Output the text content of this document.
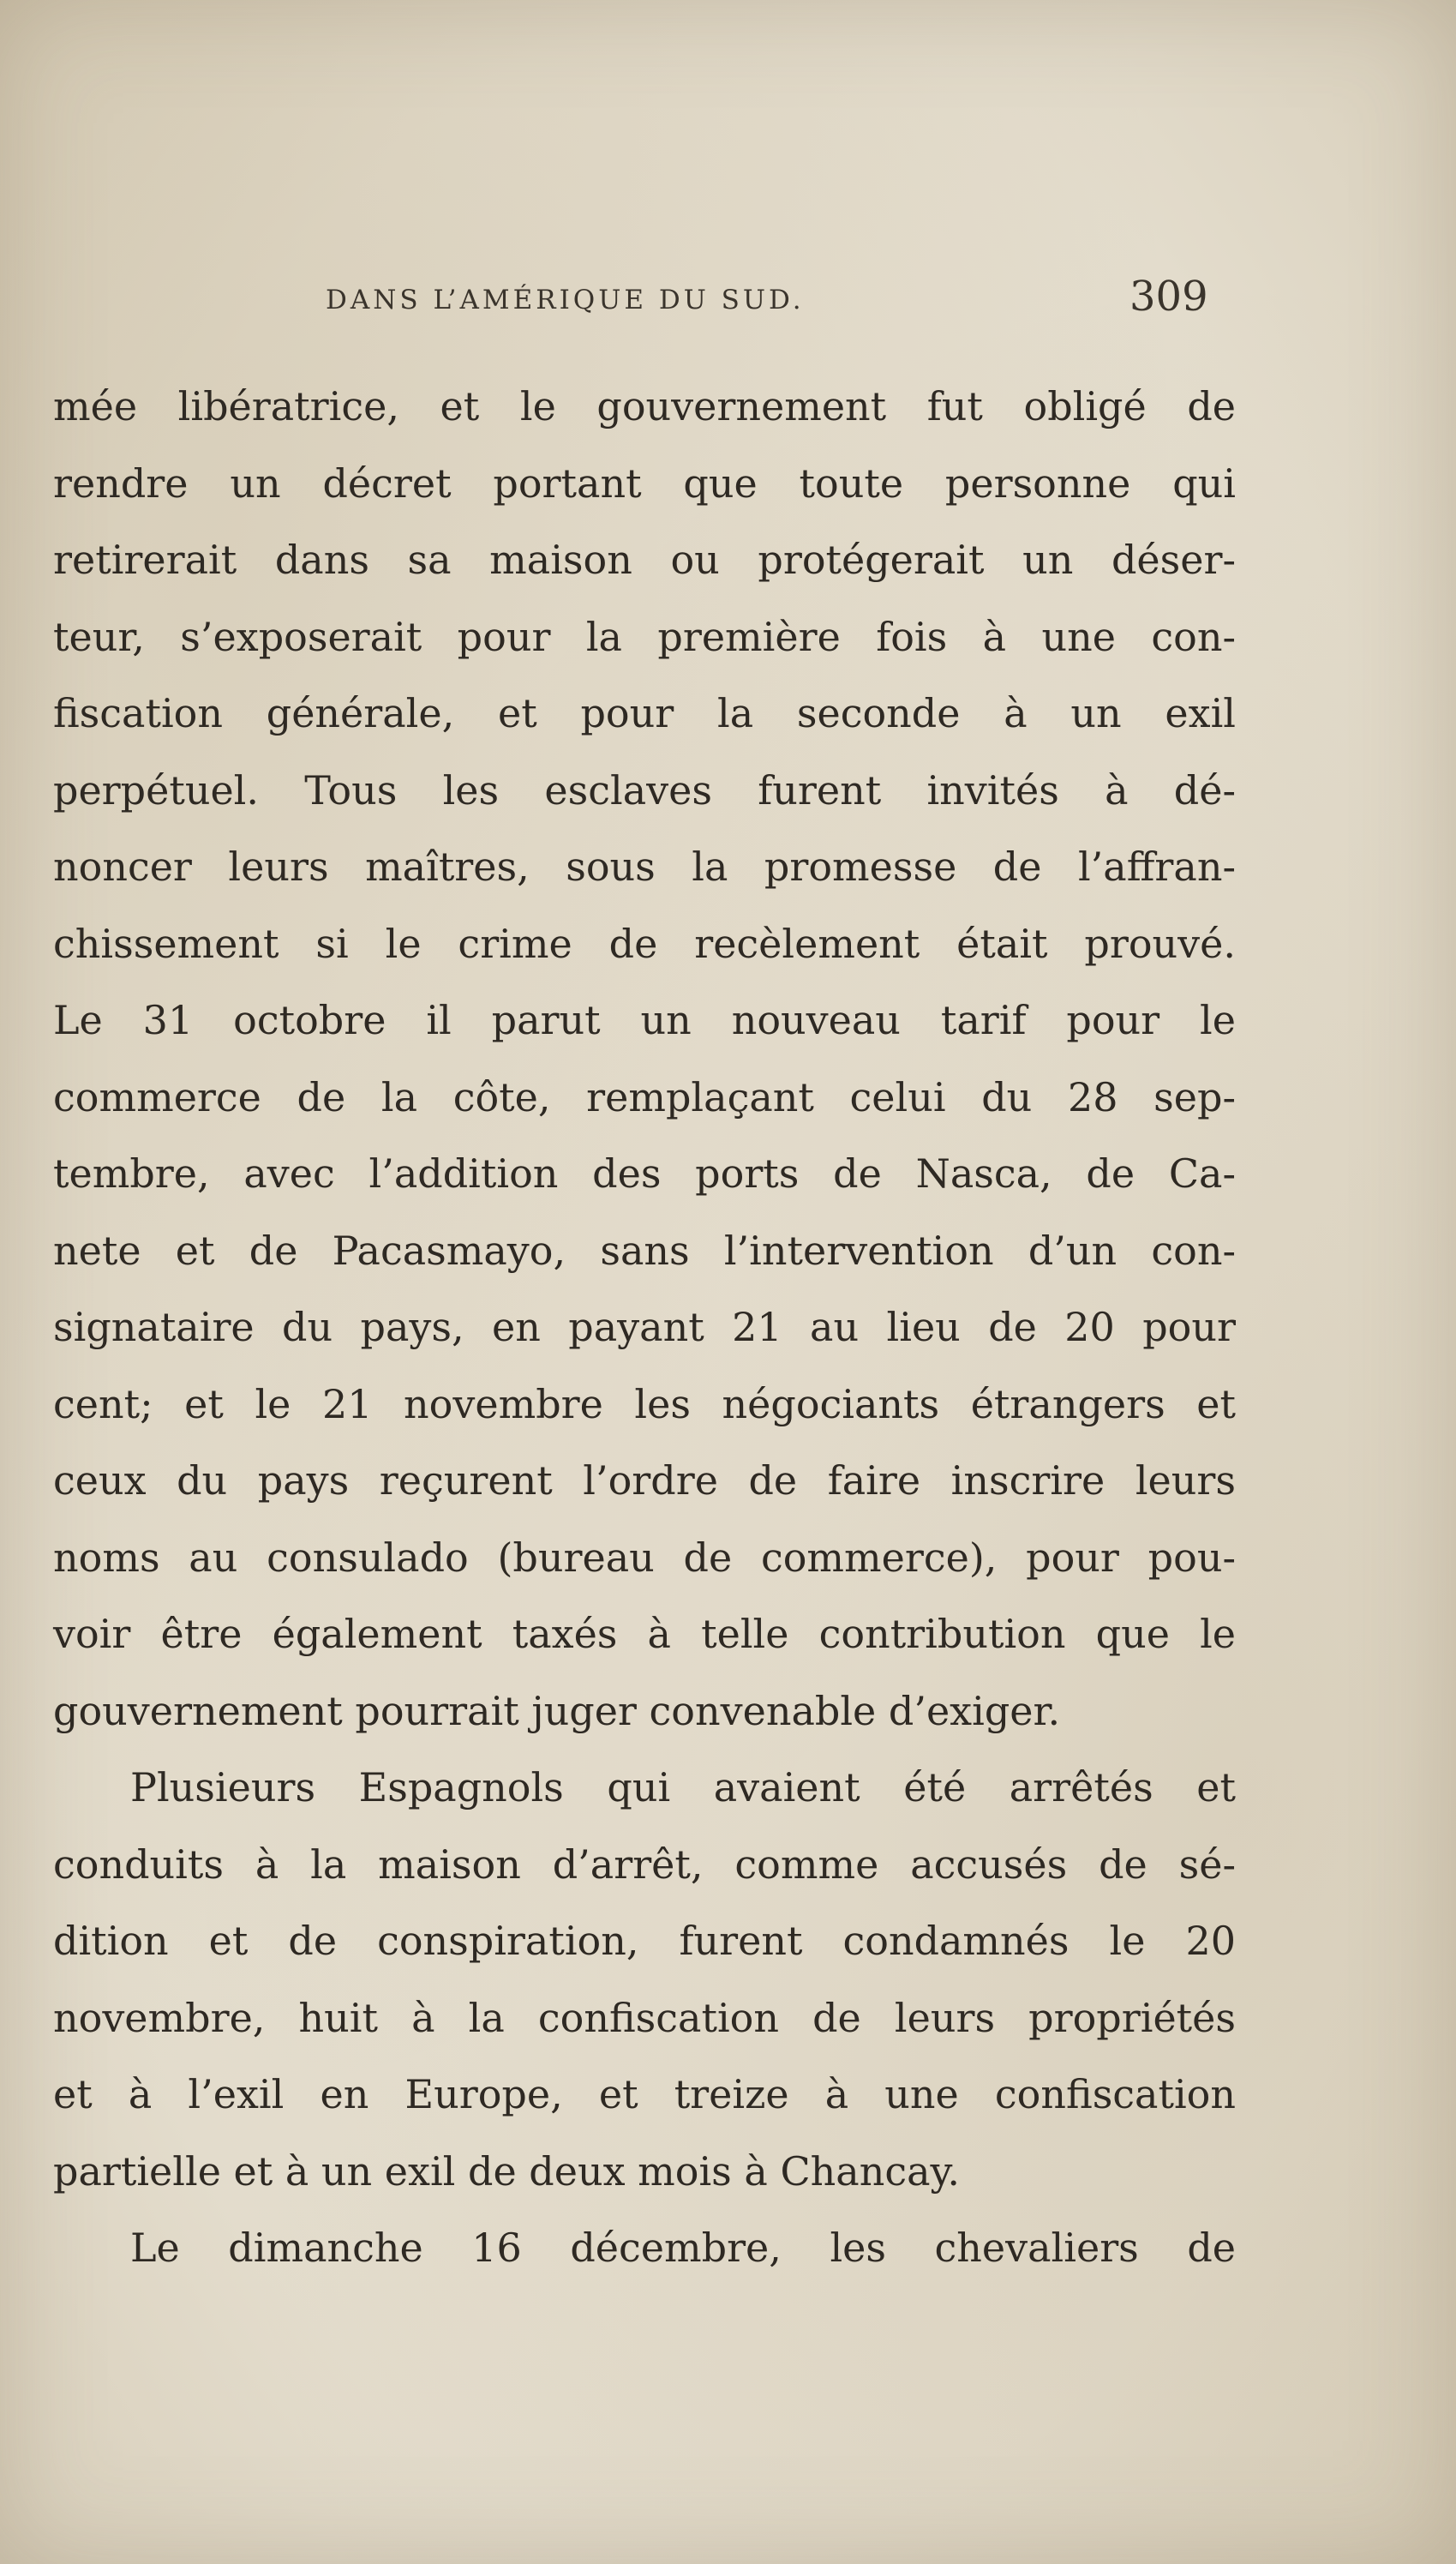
DANS L’AMÉRIQUE DU SUD.	309
mée libératrice, et le gouvernement fut obligé de
rendre un décret portant que toute personne qui
retirerait dans sa maison ou protégerait un déser-
teur, s’exposerait pour la première fois à une con-
fiscation générale, et pour la seconde à un exil
perpétuel. Tous les esclaves furent invités à dé-
noncer leurs maîtres, sous la promesse de l’affran-
chissement si le crime de recèlement était prouvé.
Le 31 octobre il parut un nouveau tarif pour le
commerce de la côte, remplaçant celui du 28 sep-
tembre, avec l’addition des ports de Nasca, de Ca-
nete et de Pacasmayo, sans l’intervention d’un con-
signataire du pays, en payant 21 au lieu de 20 pour
cent; et le 21 novembre les négociants étrangers et
ceux du pays reçurent l’ordre de faire inscrire leurs
noms au consulado (bureau de commerce), pour pou-
voir être également taxés à telle contribution que le
gouvernement pourrait juger convenable d’exiger.
Plusieurs Espagnols qui avaient été arrêtés et
conduits à la maison d’arrêt, comme accusés de sé-
dition et de conspiration, furent condamnés le 20
novembre, huit à la confiscation de leurs propriétés
et à l’exil en Europe, et treize à une confiscation
partielle et à un exil de deux mois à Chancay.
Le dimanche 16 décembre, les chevaliers de
